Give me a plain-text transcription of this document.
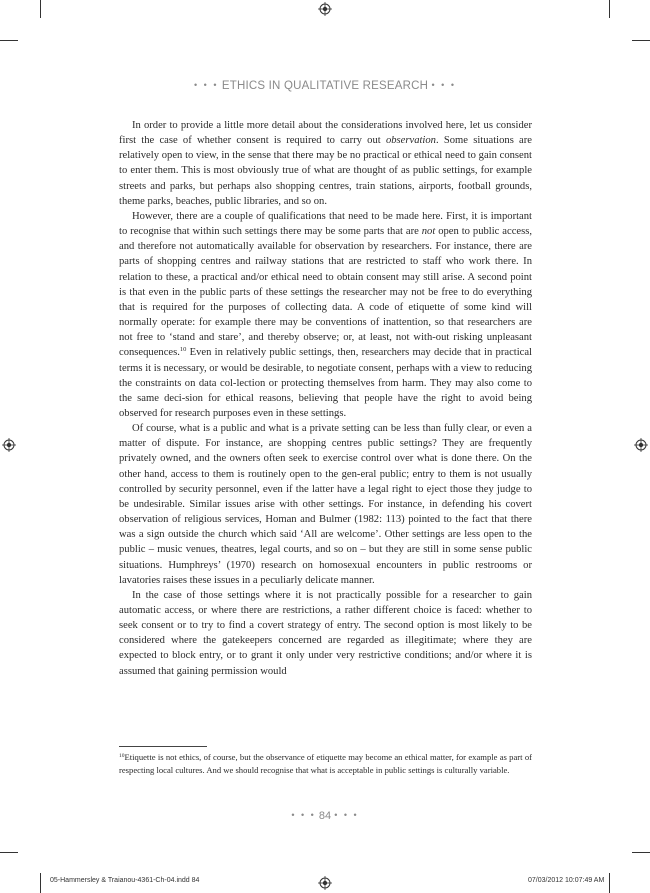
• • • ETHICS IN QUALITATIVE RESEARCH • • •

In order to provide a little more detail about the considerations involved here, let us consider first the case of whether consent is required to carry out observation. Some situations are relatively open to view, in the sense that there may be no practical or ethical need to gain consent to enter them. This is most obviously true of what are thought of as public settings, for example streets and parks, but perhaps also shopping centres, train stations, airports, football grounds, theme parks, beaches, public libraries, and so on.

However, there are a couple of qualifications that need to be made here. First, it is important to recognise that within such settings there may be some parts that are not open to public access, and therefore not automatically available for observation by researchers. For instance, there are parts of shopping centres and railway stations that are restricted to staff who work there. In relation to these, a practical and/or ethical need to obtain consent may still arise. A second point is that even in the public parts of these settings the researcher may not be free to do everything that is required for the purposes of collecting data. A code of etiquette of some kind will normally operate: for example there may be conventions of inattention, so that researchers are not free to ‘stand and stare’, and thereby observe; or, at least, not with-out risking unpleasant consequences.$^{10}$ Even in relatively public settings, then, researchers may decide that in practical terms it is necessary, or would be desirable, to negotiate consent, perhaps with a view to reducing the constraints on data col-lection or protecting themselves from harm. They may also come to the same deci-sion for ethical reasons, believing that people have the right to avoid being observed for research purposes even in these settings.

Of course, what is a public and what is a private setting can be less than fully clear, or even a matter of dispute. For instance, are shopping centres public settings? They are frequently privately owned, and the owners often seek to exercise control over what is done there. On the other hand, access to them is routinely open to the gen-eral public; entry to them is not usually controlled by security personnel, even if the latter have a legal right to eject those they judge to be undesirable. Similar issues arise with other settings. For instance, in defending his covert observation of religious services, Homan and Bulmer (1982: 113) pointed to the fact that there was a sign outside the church which said ‘All are welcome’. Other settings are less open to the public – music venues, theatres, legal courts, and so on – but they are still in some sense public situations. Humphreys’ (1970) research on homosexual encounters in public restrooms or lavatories raises these issues in a peculiarly delicate manner.

In the case of those settings where it is not practically possible for a researcher to gain automatic access, or where there are restrictions, a rather different choice is faced: whether to seek consent or to try to find a covert strategy of entry. The second option is most likely to be considered where the gatekeepers concerned are regarded as illegitimate; where they are expected to block entry, or to grant it only under very restrictive conditions; and/or where it is assumed that gaining permission would

$^{10}$Etiquette is not ethics, of course, but the observance of etiquette may become an ethical matter, for example as part of respecting local cultures. And we should recognise that what is acceptable in public settings is culturally variable.
• • • 84 • • •
05-Hammersley & Traianou-4361-Ch-04.indd 84	07/03/2012 10:07:49 AM
